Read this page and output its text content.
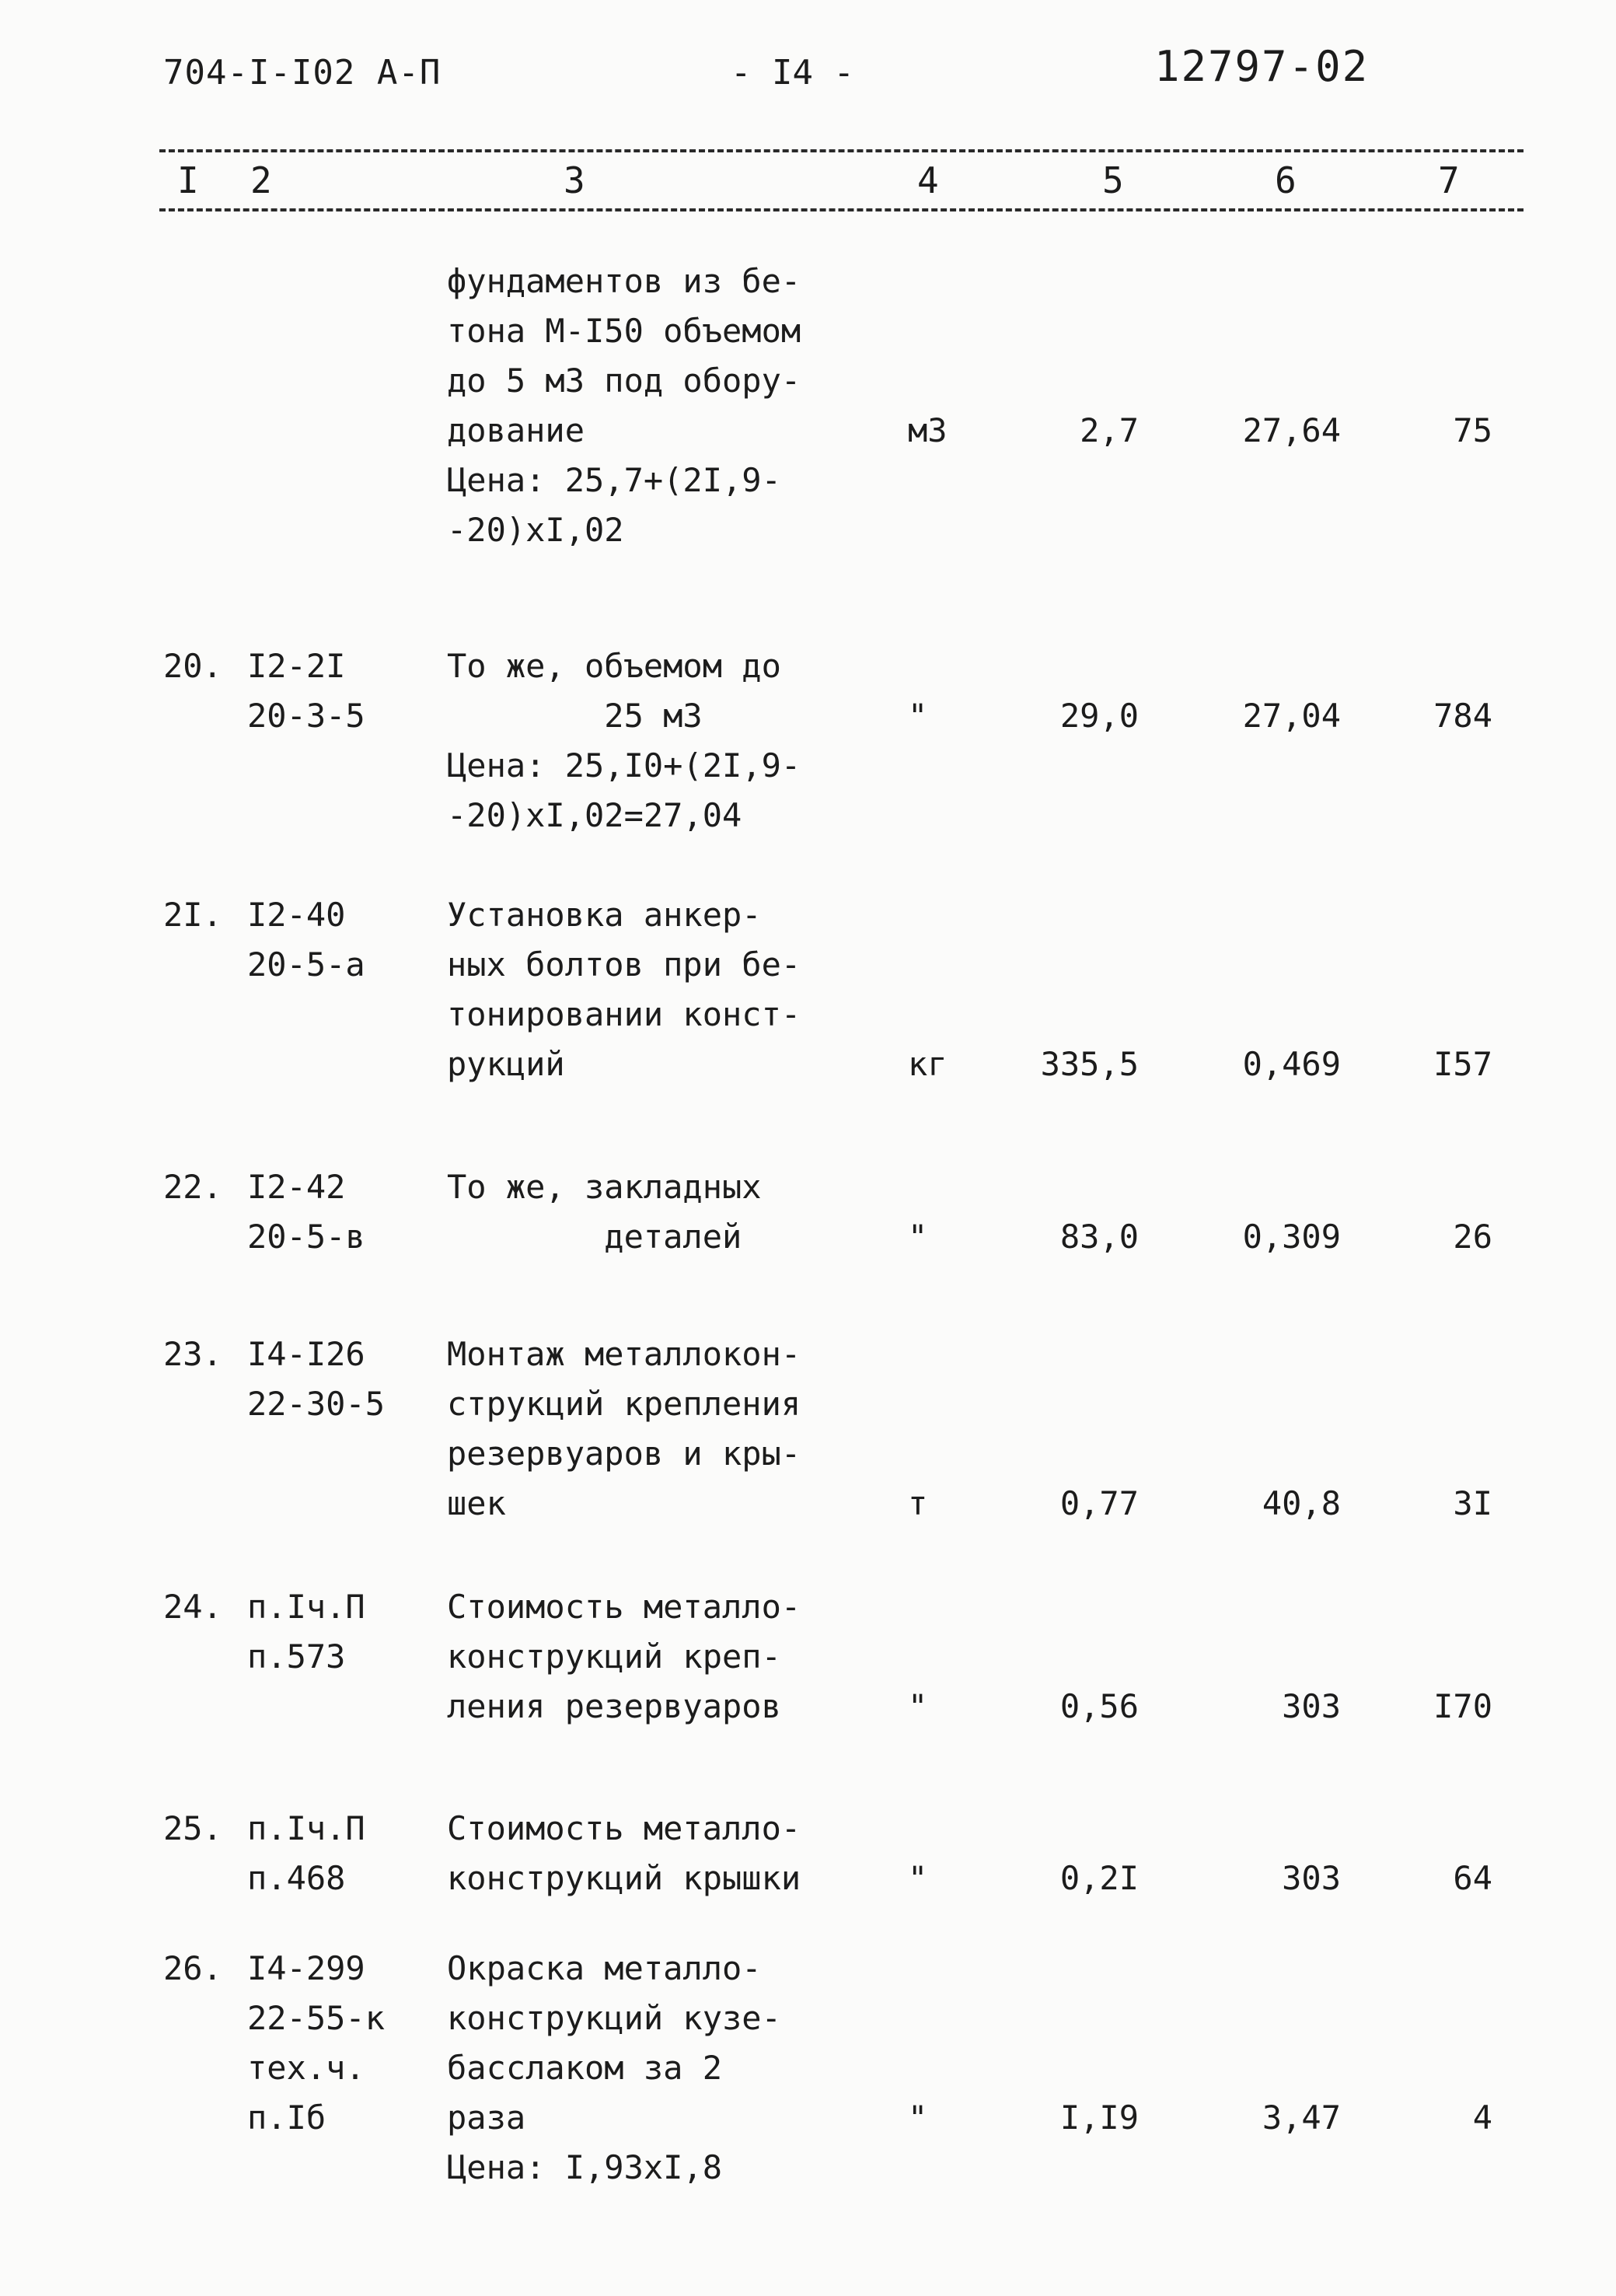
704-I-I02 А-П	- I4 -	12797-02
I 2	3	4	5	6	7
фундаментов из бе-
тона М-I50 объемом
до 5 м3 под обору-
дование
Цена: 25,7+(2I,9-
-20)xI,02
м3	2,7	27,64	75
20. I2-2I
20-3-5
То же, объемом до
25 м3
Цена: 25,I0+(2I,9-
-20)xI,02=27,04
"	29,0	27,04	784
2I. I2-40
20-5-а
Установка анкер-
ных болтов при бе-
тонировании конст-
рукций	кг	335,5	0,469	I57
22. I2-42
20-5-в
То же, закладных
деталей	"	83,0	0,309	26
23. I4-I26
22-30-5
Монтаж металлокон-
струкций крепления
резервуаров и кры-
шек	т	0,77	40,8	3I
24. п.Iч.П
п.573
Стоимость металло-
конструкций креп-
ления резервуаров	"	0,56	303	I70
25. п.Iч.П
п.468
Стоимость металло-
конструкций крышки	"	0,2I	303	64
26. I4-299
22-55-к
тех.ч.
п.Iб
Окраска металло-
конструкций кузе-
басслаком за 2
раза
Цена: I,93xI,8
"	I,I9	3,47	4
